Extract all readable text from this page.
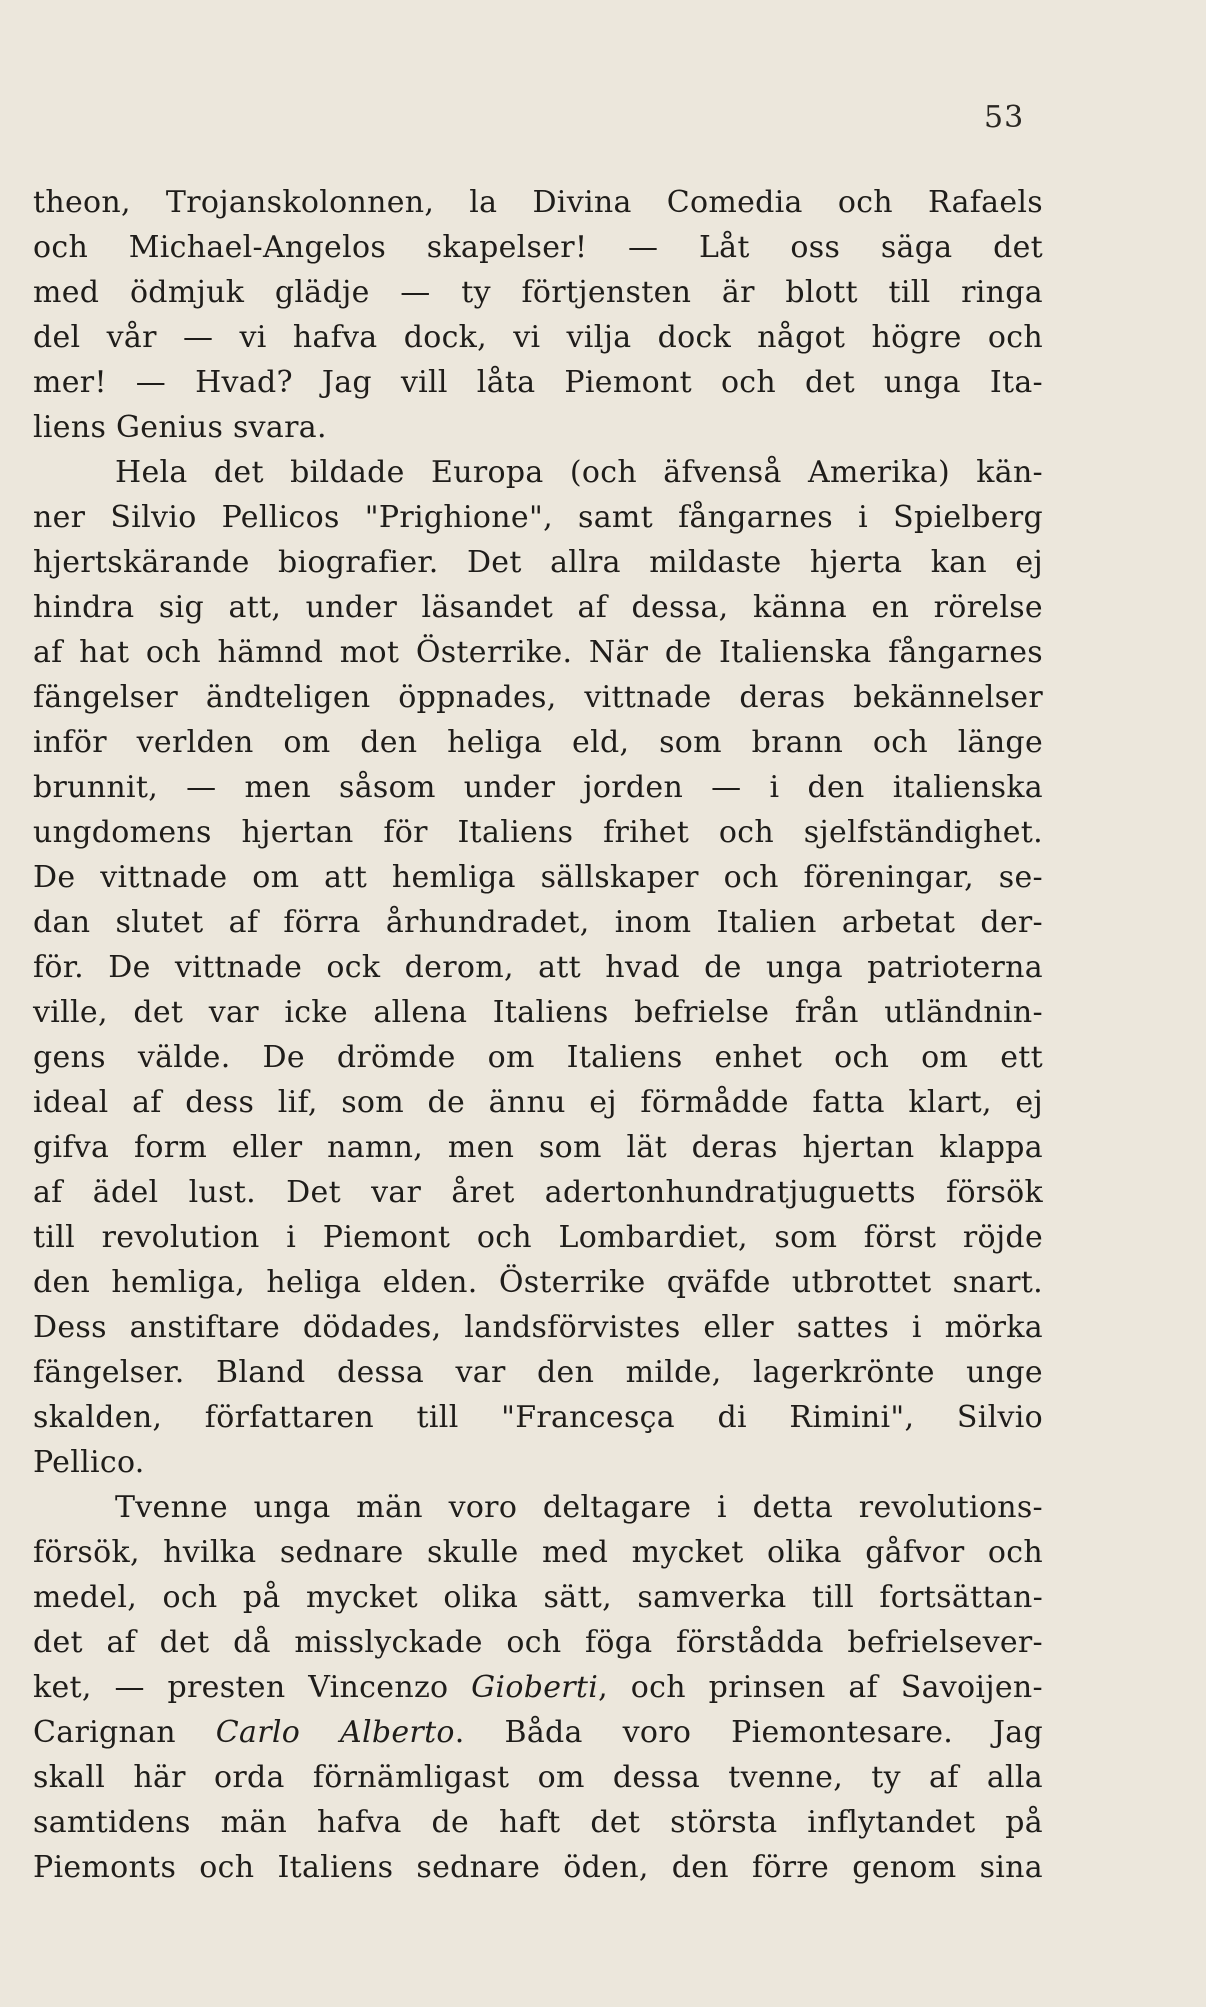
53
theon, Trojanskolonnen, la Divina Comedia och Rafaels
och Michael-Angelos skapelser! — Låt oss säga det
med ödmjuk glädje — ty förtjensten är blott till ringa
del vår — vi hafva dock, vi vilja dock något högre och
mer! — Hvad? Jag vill låta Piemont och det unga Ita-
liens Genius svara.
Hela det bildade Europa (och äfvenså Amerika) kän-
ner Silvio Pellicos "Prighione", samt fångarnes i Spielberg
hjertskärande biografier. Det allra mildaste hjerta kan ej
hindra sig att, under läsandet af dessa, känna en rörelse
af hat och hämnd mot Österrike. När de Italienska fångarnes
fängelser ändteligen öppnades, vittnade deras bekännelser
inför verlden om den heliga eld, som brann och länge
brunnit, — men såsom under jorden — i den italienska
ungdomens hjertan för Italiens frihet och sjelfständighet.
De vittnade om att hemliga sällskaper och föreningar, se-
dan slutet af förra århundradet, inom Italien arbetat der-
för. De vittnade ock derom, att hvad de unga patrioterna
ville, det var icke allena Italiens befrielse från utländnin-
gens välde. De drömde om Italiens enhet och om ett
ideal af dess lif, som de ännu ej förmådde fatta klart, ej
gifva form eller namn, men som lät deras hjertan klappa
af ädel lust. Det var året adertonhundratjuguetts försök
till revolution i Piemont och Lombardiet, som först röjde
den hemliga, heliga elden. Österrike qväfde utbrottet snart.
Dess anstiftare dödades, landsförvistes eller sattes i mörka
fängelser. Bland dessa var den milde, lagerkrönte unge
skalden, författaren till "Francesça di Rimini", Silvio
Pellico.
Tvenne unga män voro deltagare i detta revolutions-
försök, hvilka sednare skulle med mycket olika gåfvor och
medel, och på mycket olika sätt, samverka till fortsättan-
det af det då misslyckade och föga förstådda befrielsever-
ket, — presten Vincenzo Gioberti, och prinsen af Savoijen-
Carignan Carlo Alberto. Båda voro Piemontesare. Jag
skall här orda förnämligast om dessa tvenne, ty af alla
samtidens män hafva de haft det största inflytandet på
Piemonts och Italiens sednare öden, den förre genom sina
